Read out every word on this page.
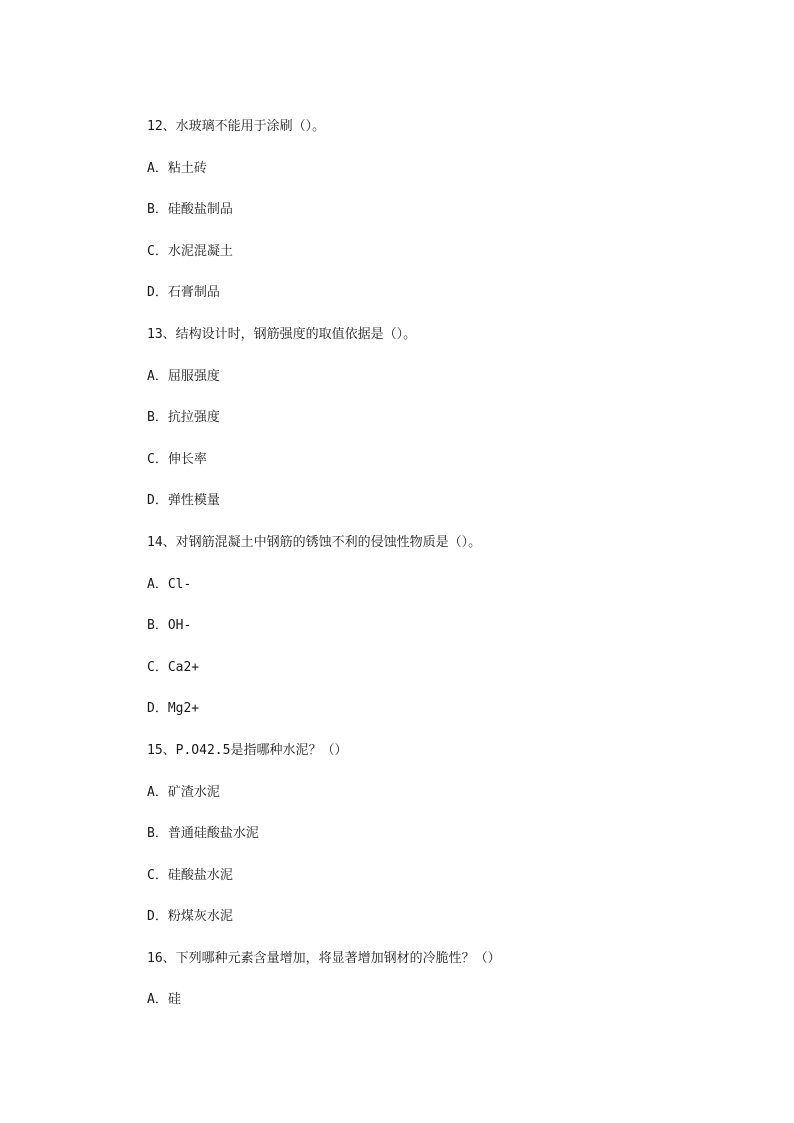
12、水玻璃不能用于涂刷（）。
A．粘土砖
B．硅酸盐制品
C．水泥混凝土
D．石膏制品
13、结构设计时，钢筋强度的取值依据是（）。
A．屈服强度
B．抗拉强度
C．伸长率
D．弹性模量
14、对钢筋混凝土中钢筋的锈蚀不利的侵蚀性物质是（）。
A．Cl-
B．OH-
C．Ca2+
D．Mg2+
15、P.O42.5是指哪种水泥？（）
A．矿渣水泥
B．普通硅酸盐水泥
C．硅酸盐水泥
D．粉煤灰水泥
16、下列哪种元素含量增加，将显著增加钢材的冷脆性？（）
A．硅
